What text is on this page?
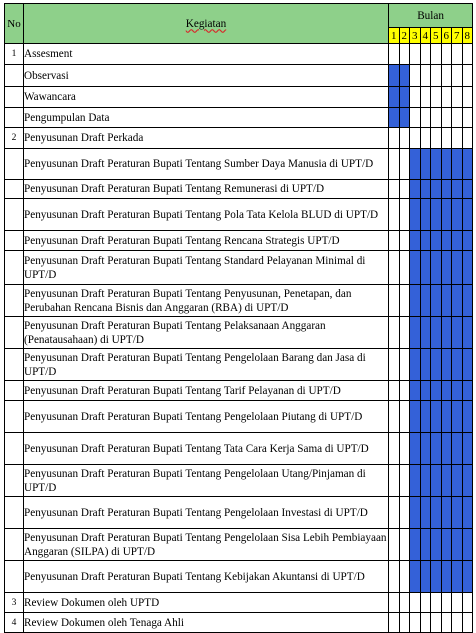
No	Kegiatan	Bulan							
		1	2	3	4	5	6	7	8
1	Assesment								
	Observasi								
	Wawancara								
	Pengumpulan Data								
2	Penyusunan Draft Perkada								
	Penyusunan Draft Peraturan Bupati Tentang Sumber Daya Manusia di UPT/D								
	Penyusunan Draft Peraturan Bupati Tentang Remunerasi di UPT/D								
	Penyusunan Draft Peraturan Bupati Tentang Pola Tata Kelola BLUD di UPT/D								
	Penyusunan Draft Peraturan Bupati Tentang Rencana Strategis UPT/D								
	Penyusunan Draft Peraturan Bupati Tentang Standard Pelayanan Minimal di UPT/D								
	Penyusunan Draft Peraturan Bupati Tentang Penyusunan, Penetapan, dan Perubahan Rencana Bisnis dan Anggaran (RBA) di UPT/D								
	Penyusunan Draft Peraturan Bupati Tentang Pelaksanaan Anggaran (Penatausahaan) di UPT/D								
	Penyusunan Draft Peraturan Bupati Tentang Pengelolaan Barang dan Jasa di UPT/D								
	Penyusunan Draft Peraturan Bupati Tentang Tarif Pelayanan di UPT/D								
	Penyusunan Draft Peraturan Bupati Tentang Pengelolaan Piutang di UPT/D								
	Penyusunan Draft Peraturan Bupati Tentang Tata Cara Kerja Sama di UPT/D								
	Penyusunan Draft Peraturan Bupati Tentang Pengelolaan Utang/Pinjaman di UPT/D								
	Penyusunan Draft Peraturan Bupati Tentang Pengelolaan Investasi di UPT/D								
	Penyusunan Draft Peraturan Bupati Tentang Pengelolaan Sisa Lebih Pembiayaan Anggaran (SILPA) di UPT/D								
	Penyusunan Draft Peraturan Bupati Tentang Kebijakan Akuntansi di UPT/D								
3	Review Dokumen oleh UPTD								
4	Review Dokumen oleh Tenaga Ahli								
